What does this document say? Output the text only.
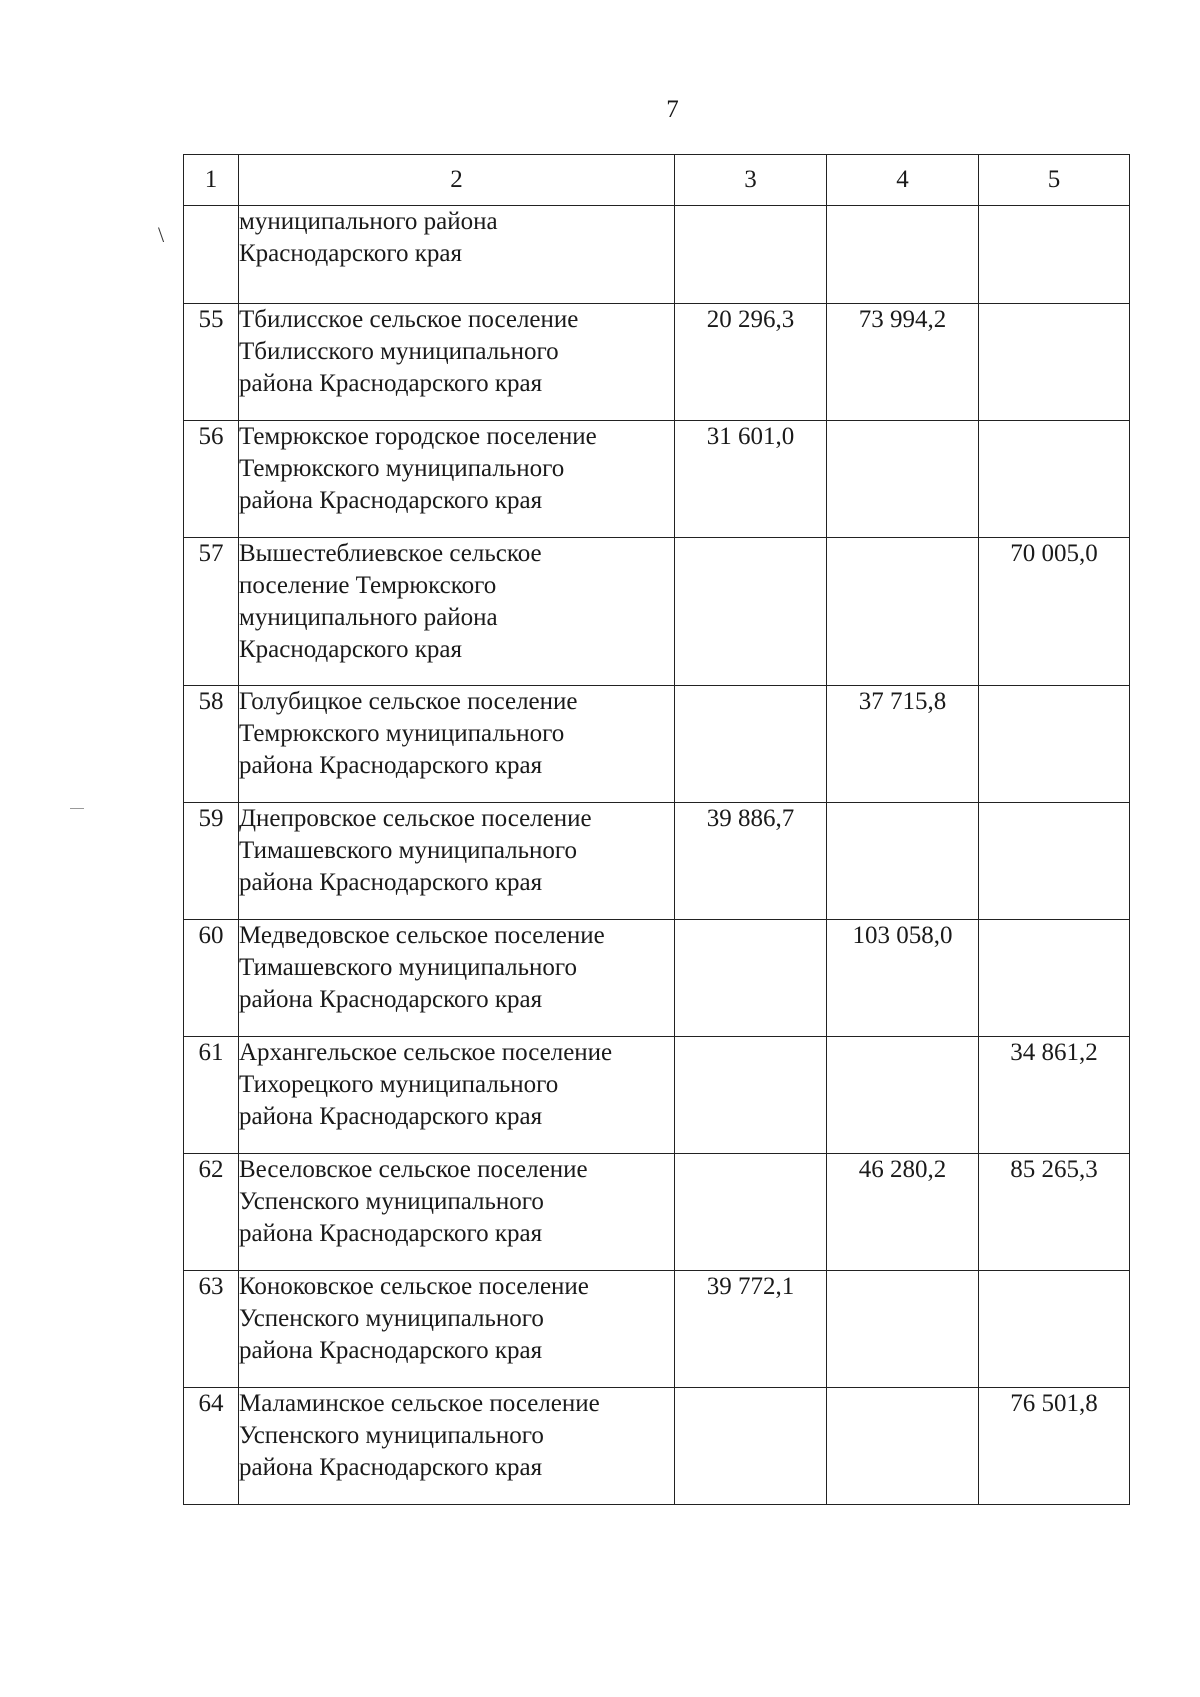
7
\
1	2	3	4	5

	муниципального района
Краснодарского края			

55	Тбилисское сельское поселение
Тбилисского муниципального
района Краснодарского края	20 296,3	73 994,2	
56	Темрюкское городское поселение
Темрюкского муниципального
района Краснодарского края	31 601,0		
57	Вышестеблиевское сельское
поселение Темрюкского
муниципального района
Краснодарского края			70 005,0
58	Голубицкое сельское поселение
Темрюкского муниципального
района Краснодарского края		37 715,8	
59	Днепровское сельское поселение
Тимашевского муниципального
района Краснодарского края	39 886,7		
60	Медведовское сельское поселение
Тимашевского муниципального
района Краснодарского края		103 058,0	
61	Архангельское сельское поселение
Тихорецкого муниципального
района Краснодарского края			34 861,2
62	Веселовское сельское поселение
Успенского муниципального
района Краснодарского края		46 280,2	85 265,3
63	Коноковское сельское поселение
Успенского муниципального
района Краснодарского края	39 772,1		
64	Маламинское сельское поселение
Успенского муниципального
района Краснодарского края			76 501,8
